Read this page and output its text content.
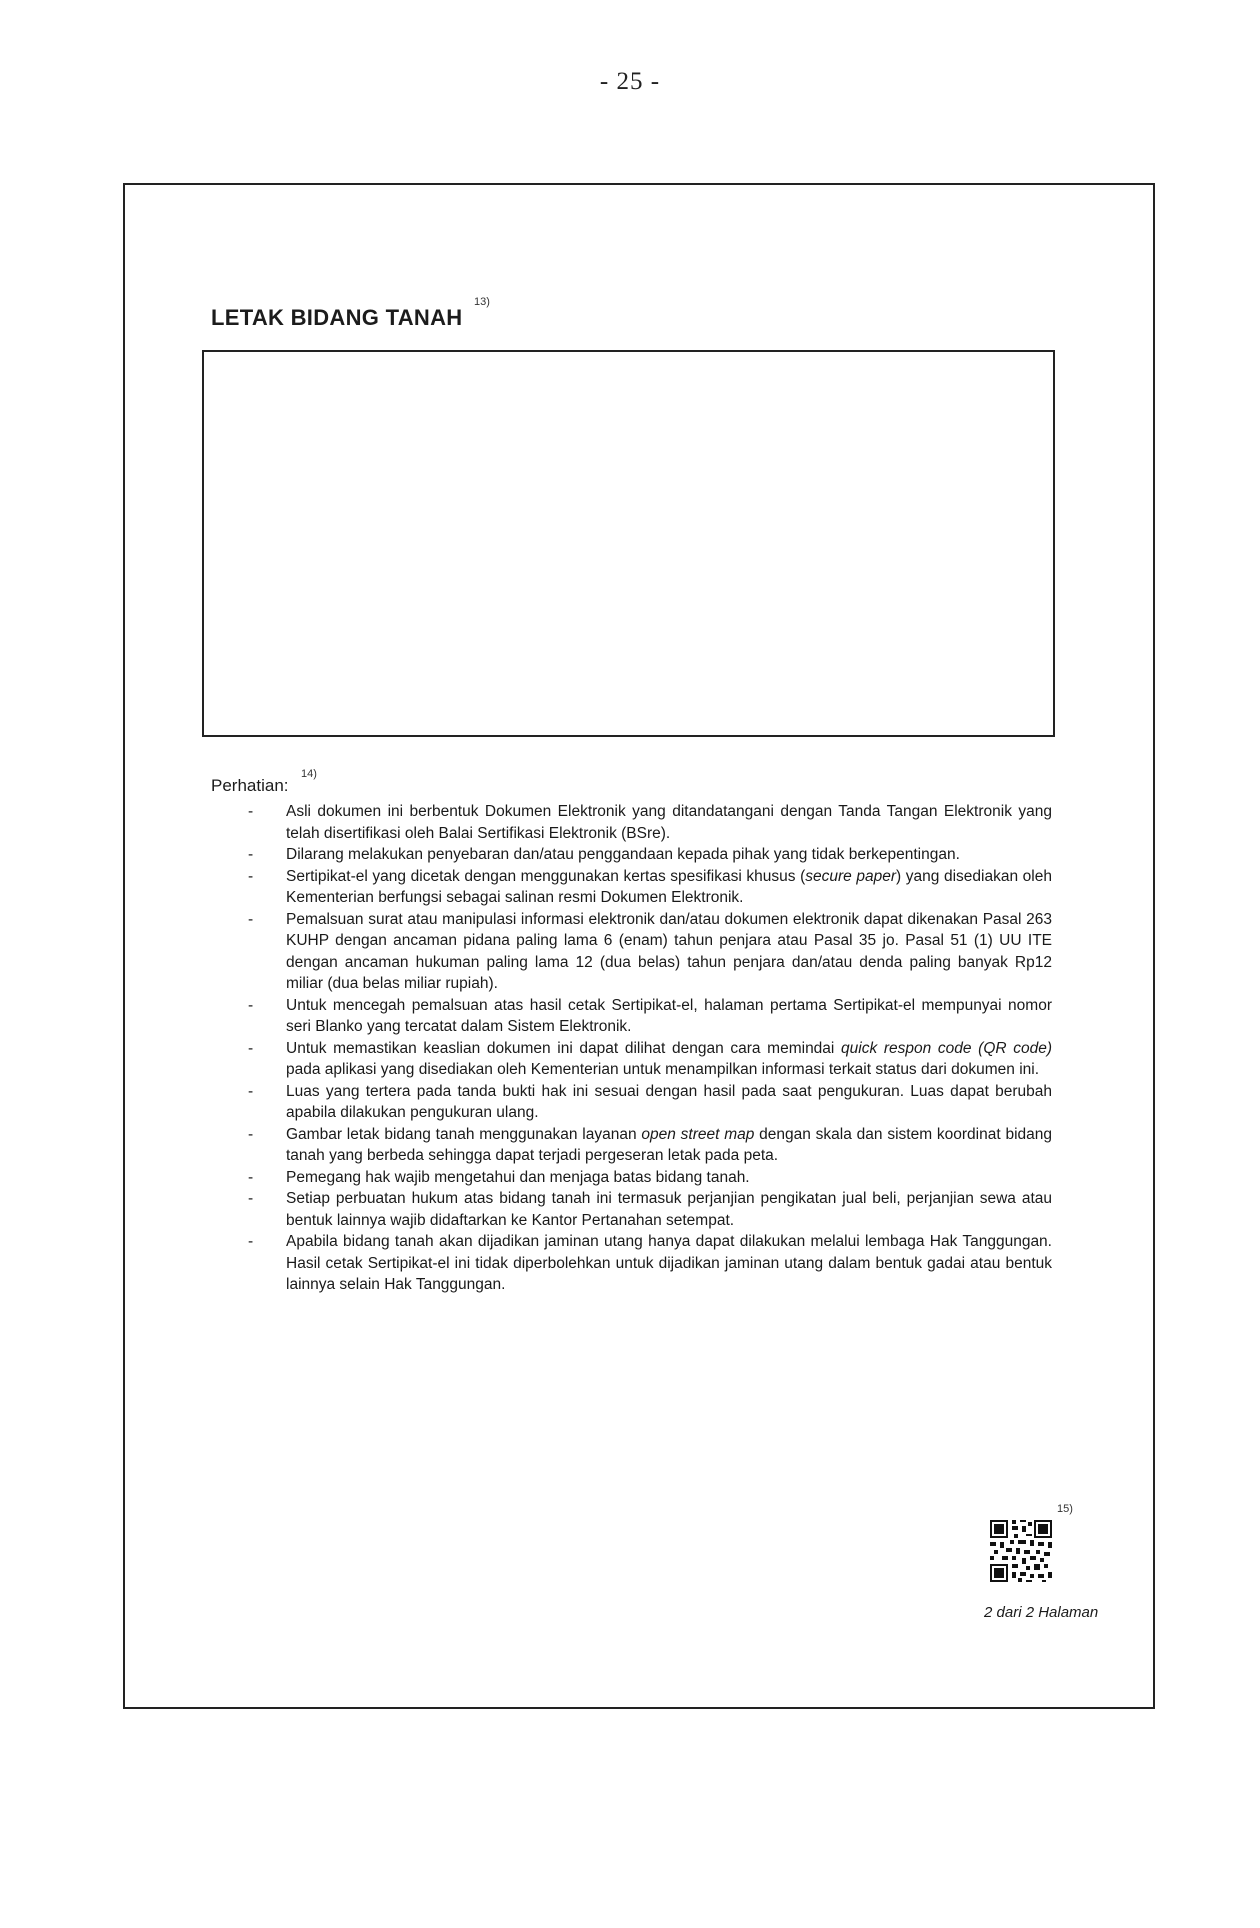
- 25 -
LETAK BIDANG TANAH
13)
Perhatian:
14)
- Asli dokumen ini berbentuk Dokumen Elektronik yang ditandatangani dengan Tanda Tangan Elektronik yang telah disertifikasi oleh Balai Sertifikasi Elektronik (BSre).
- Dilarang melakukan penyebaran dan/atau penggandaan kepada pihak yang tidak berkepentingan.
- Sertipikat-el yang dicetak dengan menggunakan kertas spesifikasi khusus (secure paper) yang disediakan oleh Kementerian berfungsi sebagai salinan resmi Dokumen Elektronik.
- Pemalsuan surat atau manipulasi informasi elektronik dan/atau dokumen elektronik dapat dikenakan Pasal 263 KUHP dengan ancaman pidana paling lama 6 (enam) tahun penjara atau Pasal 35 jo. Pasal 51 (1) UU ITE dengan ancaman hukuman paling lama 12 (dua belas) tahun penjara dan/atau denda paling banyak Rp12 miliar (dua belas miliar rupiah).
- Untuk mencegah pemalsuan atas hasil cetak Sertipikat-el, halaman pertama Sertipikat-el mempunyai nomor seri Blanko yang tercatat dalam Sistem Elektronik.
- Untuk memastikan keaslian dokumen ini dapat dilihat dengan cara memindai quick respon code (QR code) pada aplikasi yang disediakan oleh Kementerian untuk menampilkan informasi terkait status dari dokumen ini.
- Luas yang tertera pada tanda bukti hak ini sesuai dengan hasil pada saat pengukuran. Luas dapat berubah apabila dilakukan pengukuran ulang.
- Gambar letak bidang tanah menggunakan layanan open street map dengan skala dan sistem koordinat bidang tanah yang berbeda sehingga dapat terjadi pergeseran letak pada peta.
- Pemegang hak wajib mengetahui dan menjaga batas bidang tanah.
- Setiap perbuatan hukum atas bidang tanah ini termasuk perjanjian pengikatan jual beli, perjanjian sewa atau bentuk lainnya wajib didaftarkan ke Kantor Pertanahan setempat.
- Apabila bidang tanah akan dijadikan jaminan utang hanya dapat dilakukan melalui lembaga Hak Tanggungan. Hasil cetak Sertipikat-el ini tidak diperbolehkan untuk dijadikan jaminan utang dalam bentuk gadai atau bentuk lainnya selain Hak Tanggungan.
15)
2 dari 2 Halaman
